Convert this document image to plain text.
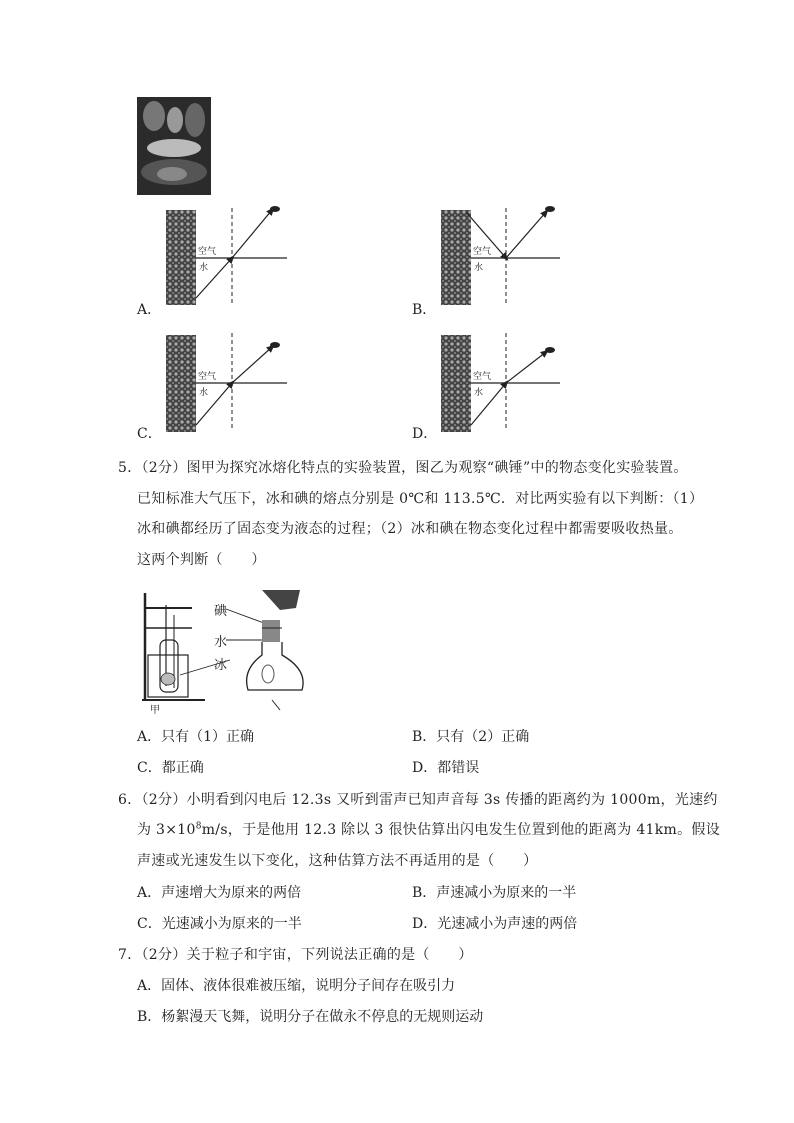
空气
水
空气
水
空气
水
空气
水
A．	B．
C．	D．
5．（2分）图甲为探究冰熔化特点的实验装置，图乙为观察“碘锤”中的物态变化实验装置。
已知标准大气压下，冰和碘的熔点分别是 0℃和 113.5℃．对比两实验有以下判断：（1）
冰和碘都经历了固态变为液态的过程；（2）冰和碘在物态变化过程中都需要吸收热量。
这两个判断（　　）
碘
水
冰
甲
A．只有（1）正确	B．只有（2）正确
C．都正确	D．都错误
6．（2分）小明看到闪电后 12.3s 又听到雷声已知声音每 3s 传播的距离约为 1000m，光速约
为 $3\times 10^8m/s$，于是他用 12.3 除以 3 很快估算出闪电发生位置到他的距离为 41km。假设
声速或光速发生以下变化，这种估算方法不再适用的是（　　）
A．声速增大为原来的两倍	B．声速减小为原来的一半
C．光速减小为原来的一半	D．光速减小为声速的两倍
7．（2分）关于粒子和宇宙，下列说法正确的是（　　）
A．固体、液体很难被压缩，说明分子间存在吸引力
B．杨絮漫天飞舞，说明分子在做永不停息的无规则运动
